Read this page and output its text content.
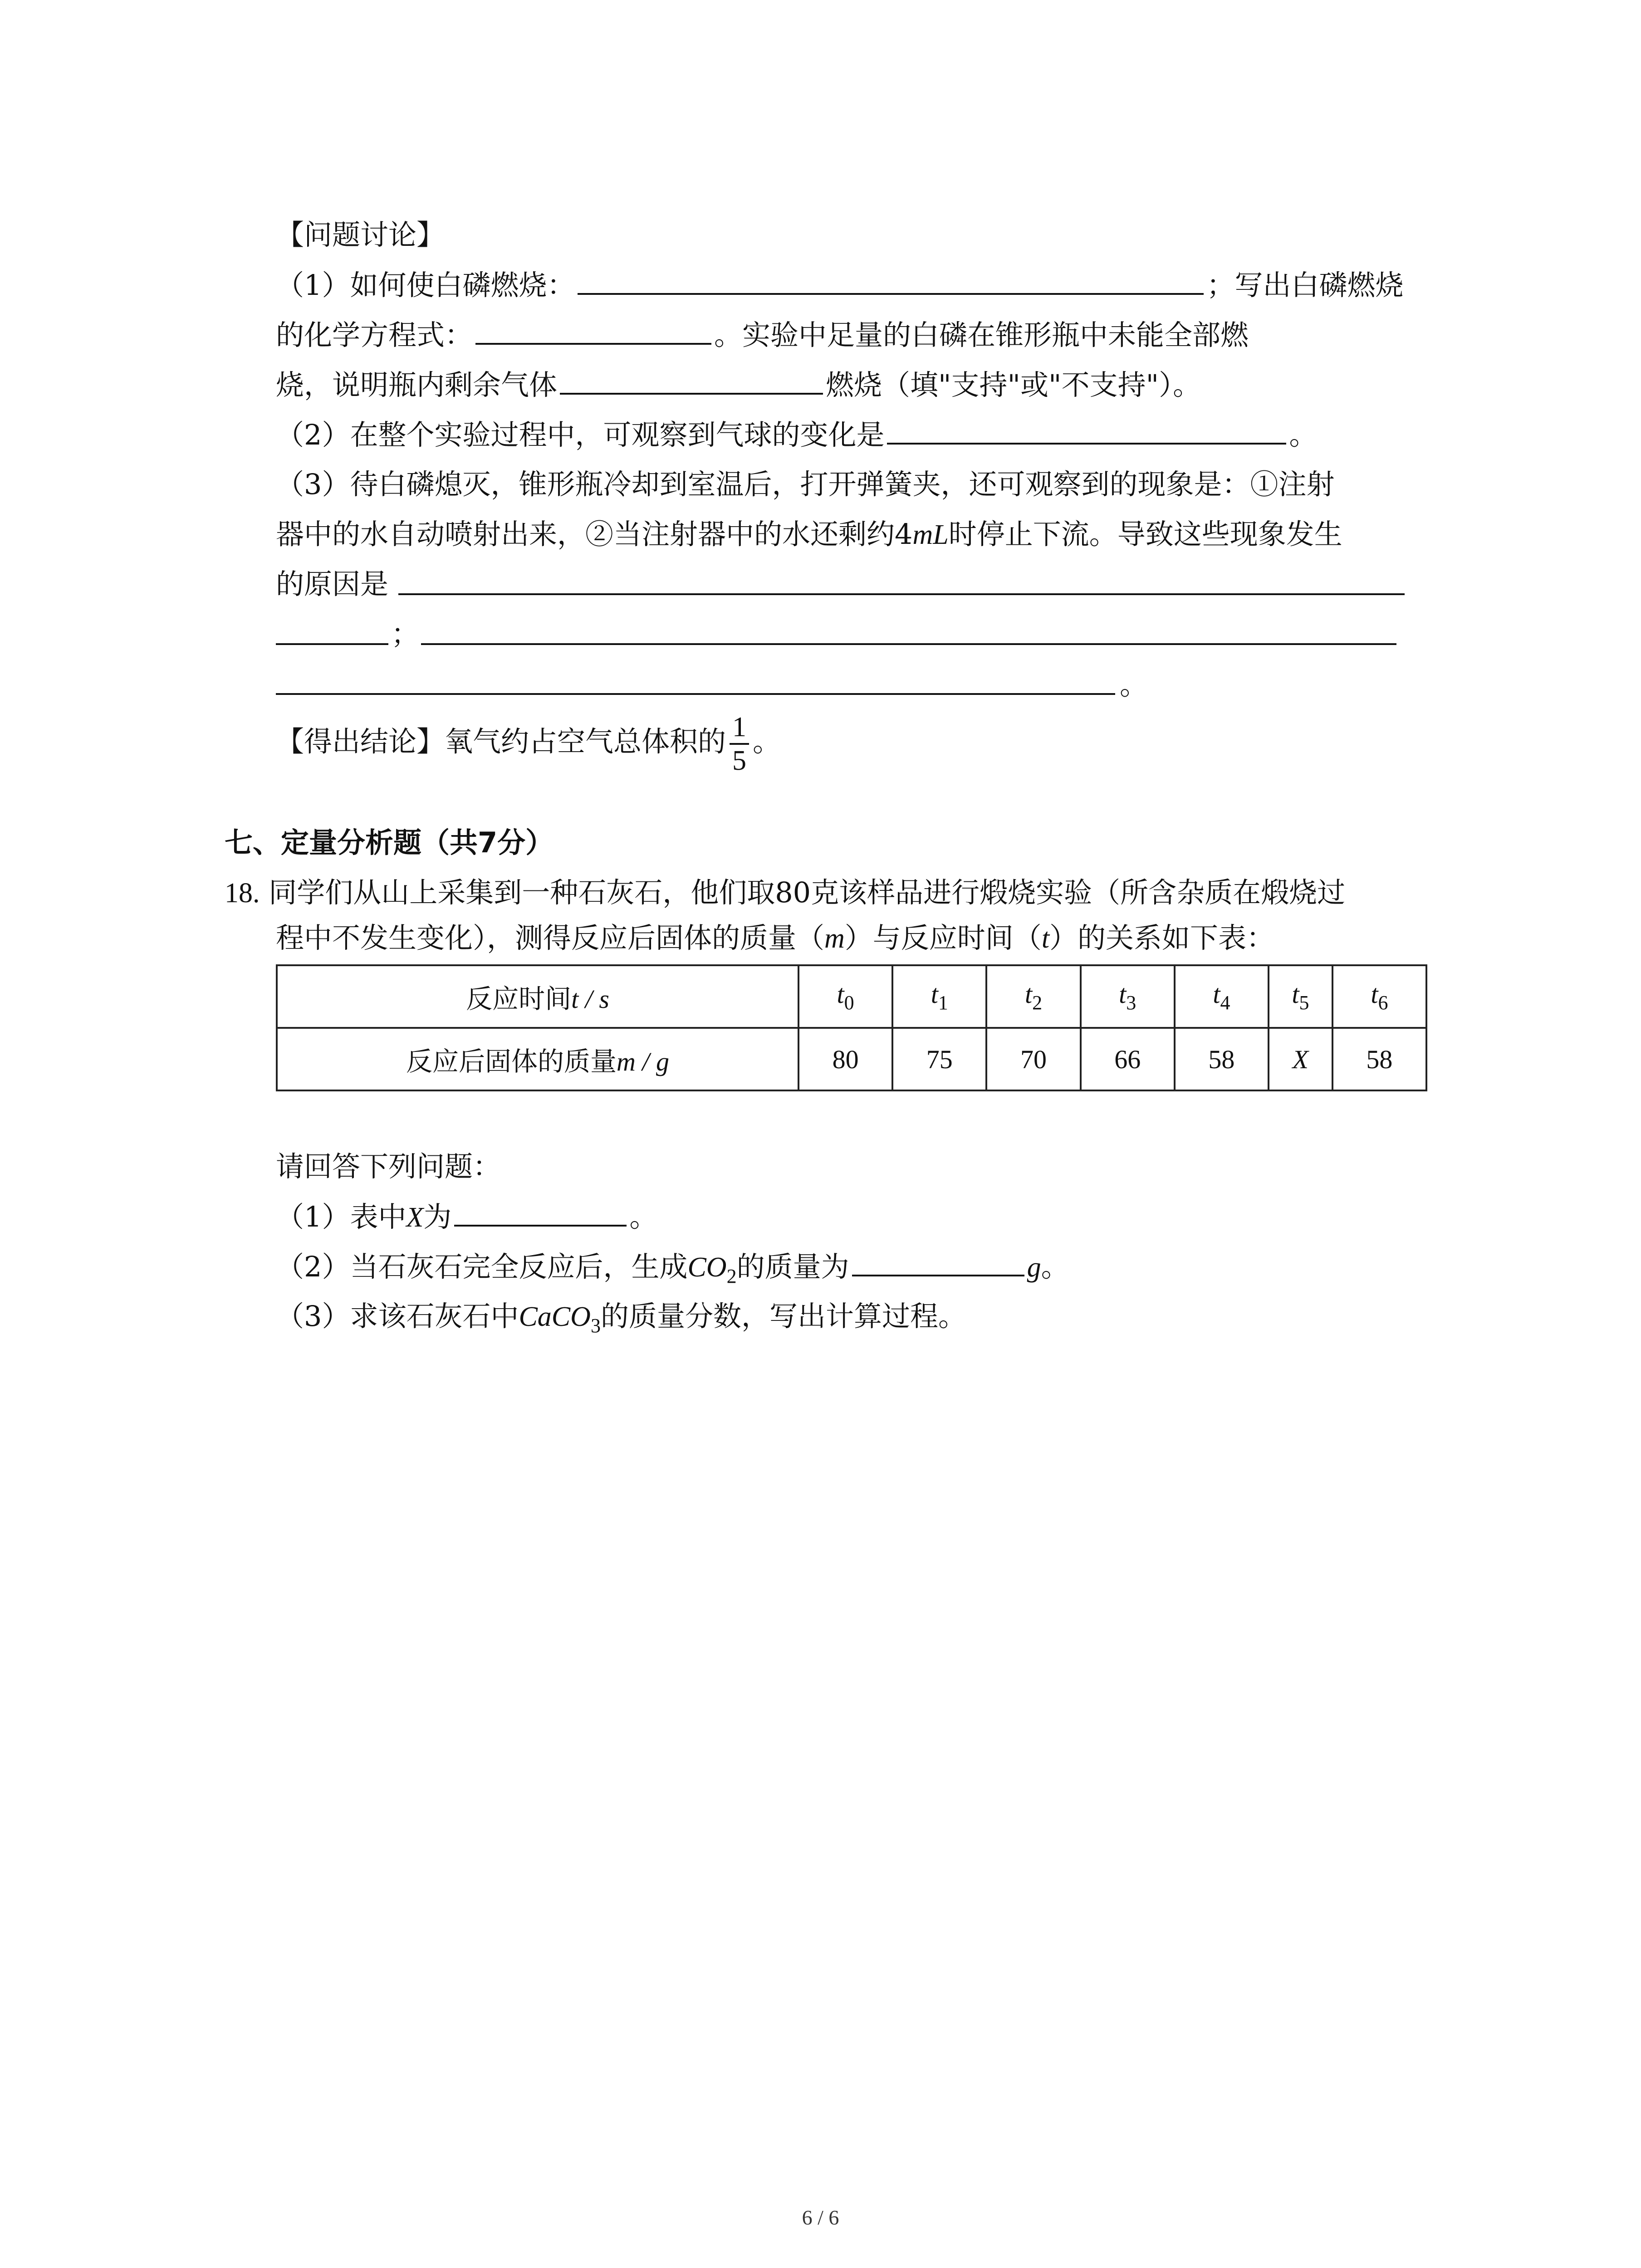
【问题讨论】
（1）如何使白磷燃烧：	；写出白磷燃烧
的化学方程式：	。实验中足量的白磷在锥形瓶中未能全部燃
烧，说明瓶内剩余气体	燃烧（填"支持"或"不支持"）。
（2）在整个实验过程中，可观察到气球的变化是	。
（3）待白磷熄灭，锥形瓶冷却到室温后，打开弹簧夹，还可观察到的现象是：①注射
器中的水自动喷射出来，②当注射器中的水还剩约4mL时停止下流。导致这些现象发生
的原因是
；
。
【得出结论】氧气约占空气总体积的 $\frac{1}{5}$ 。
七、定量分析题（共7分）
18. 同学们从山上采集到一种石灰石，他们取80克该样品进行煅烧实验（所含杂质在煅烧过
程中不发生变化），测得反应后固体的质量（m）与反应时间（t）的关系如下表：
反应时间t / s	$t_0$	$t_1$	$t_2$	$t_3$	$t_4$	$t_5$	$t_6$
反应后固体的质量m / g	80	75	70	66	58	X	58
请回答下列问题：
（1）表中X为	。
（2）当石灰石完全反应后，生成$CO_2$的质量为	g。
（3）求该石灰石中CaCO$_3$的质量分数，写出计算过程。
6 / 6
